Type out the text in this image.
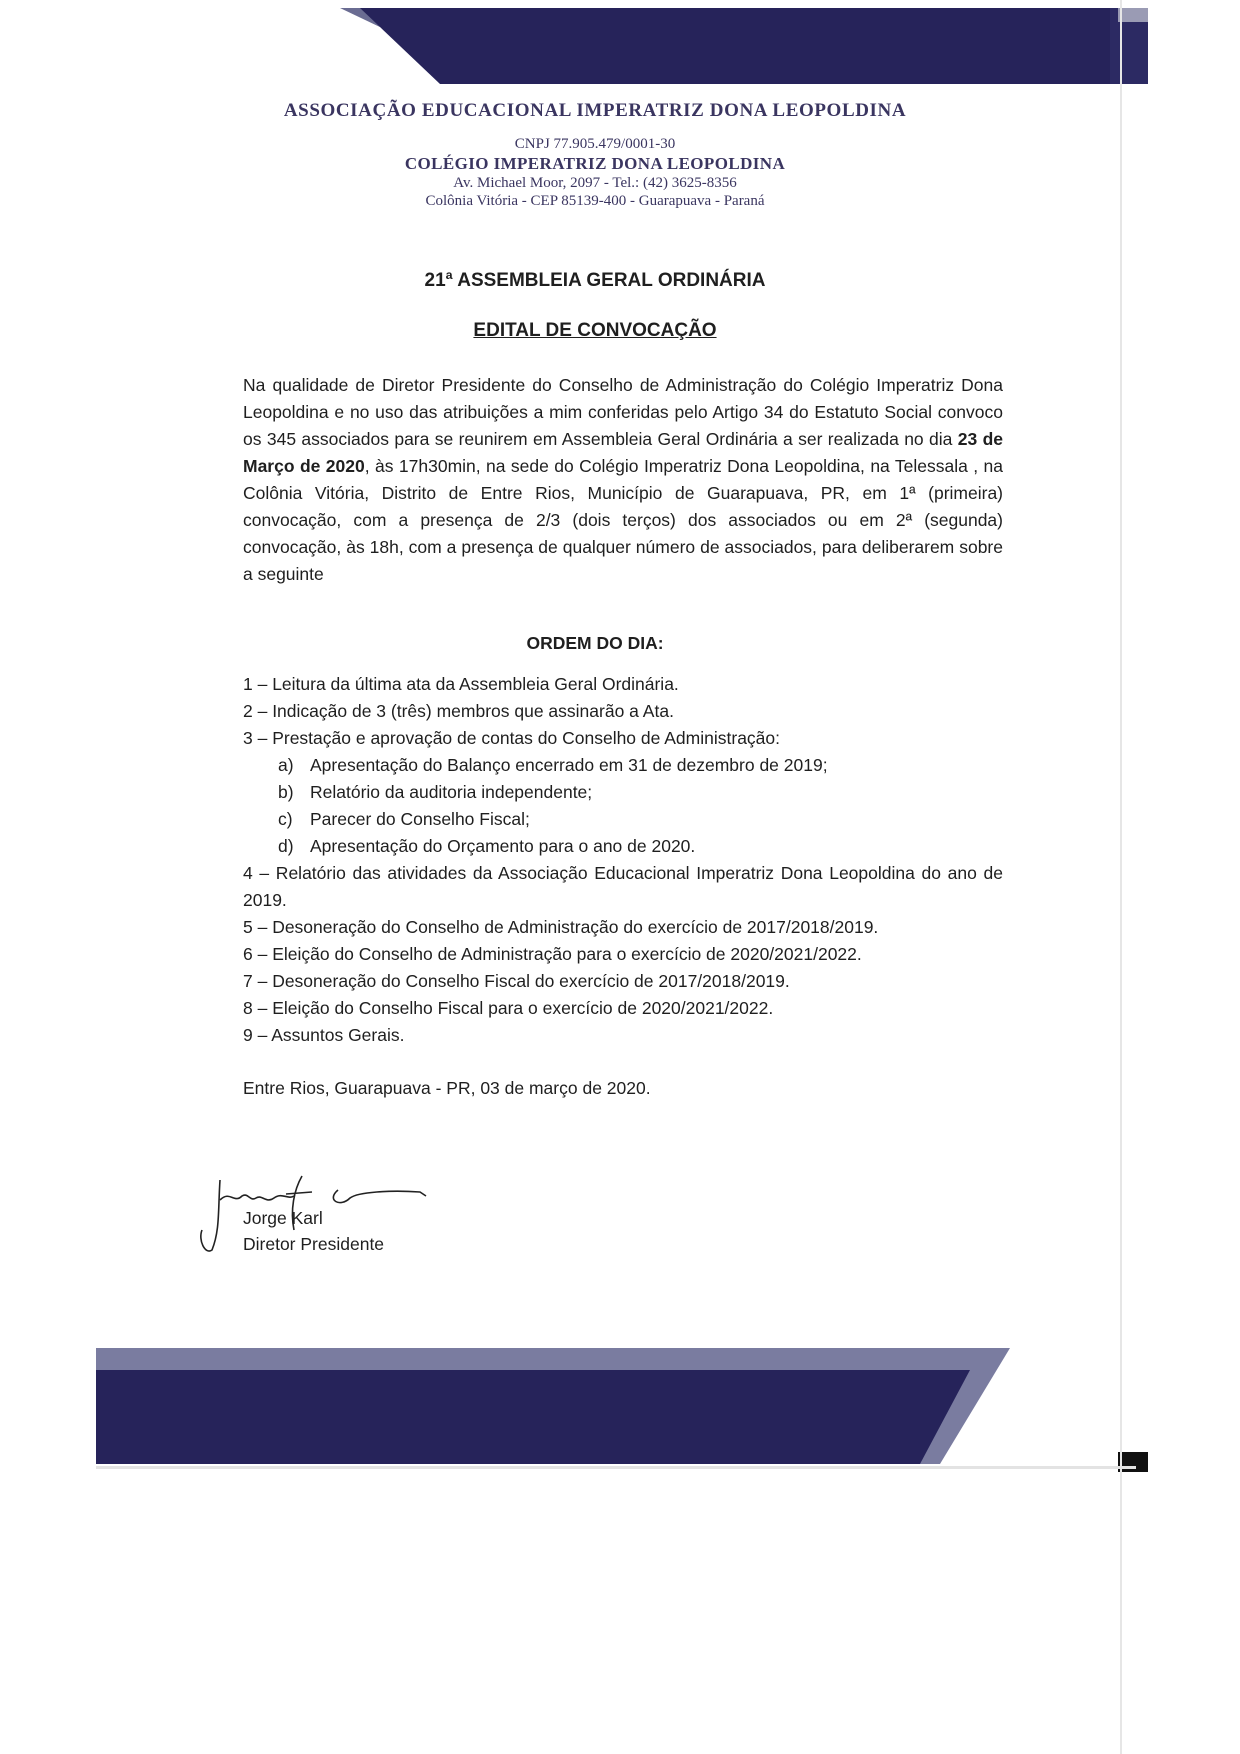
ASSOCIAÇÃO EDUCACIONAL IMPERATRIZ DONA LEOPOLDINA
CNPJ 77.905.479/0001-30
COLÉGIO IMPERATRIZ DONA LEOPOLDINA
Av. Michael Moor, 2097 - Tel.: (42) 3625-8356
Colônia Vitória - CEP 85139-400 - Guarapuava - Paraná
21ª ASSEMBLEIA GERAL ORDINÁRIA
EDITAL DE CONVOCAÇÃO
Na qualidade de Diretor Presidente do Conselho de Administração do Colégio Imperatriz Dona Leopoldina e no uso das atribuições a mim conferidas pelo Artigo 34 do Estatuto Social convoco os 345 associados para se reunirem em Assembleia Geral Ordinária a ser realizada no dia 23 de Março de 2020, às 17h30min, na sede do Colégio Imperatriz Dona Leopoldina, na Telessala , na Colônia Vitória, Distrito de Entre Rios, Município de Guarapuava, PR, em 1ª (primeira) convocação, com a presença de 2/3 (dois terços) dos associados ou em 2ª (segunda) convocação, às 18h, com a presença de qualquer número de associados, para deliberarem sobre a seguinte
ORDEM DO DIA:
1 – Leitura da última ata da Assembleia Geral Ordinária.
2 – Indicação de 3 (três) membros que assinarão a Ata.
3 – Prestação e aprovação de contas do Conselho de Administração:
a) Apresentação do Balanço encerrado em 31 de dezembro de 2019;
b) Relatório da auditoria independente;
c) Parecer do Conselho Fiscal;
d) Apresentação do Orçamento para o ano de 2020.
4 – Relatório das atividades da Associação Educacional Imperatriz Dona Leopoldina do ano de 2019.
5 – Desoneração do Conselho de Administração do exercício de 2017/2018/2019.
6 – Eleição do Conselho de Administração para o exercício de 2020/2021/2022.
7 – Desoneração do Conselho Fiscal do exercício de 2017/2018/2019.
8 – Eleição do Conselho Fiscal para o exercício de 2020/2021/2022.
9 – Assuntos Gerais.
Entre Rios, Guarapuava - PR, 03 de março de 2020.
Jorge Karl
Diretor Presidente
